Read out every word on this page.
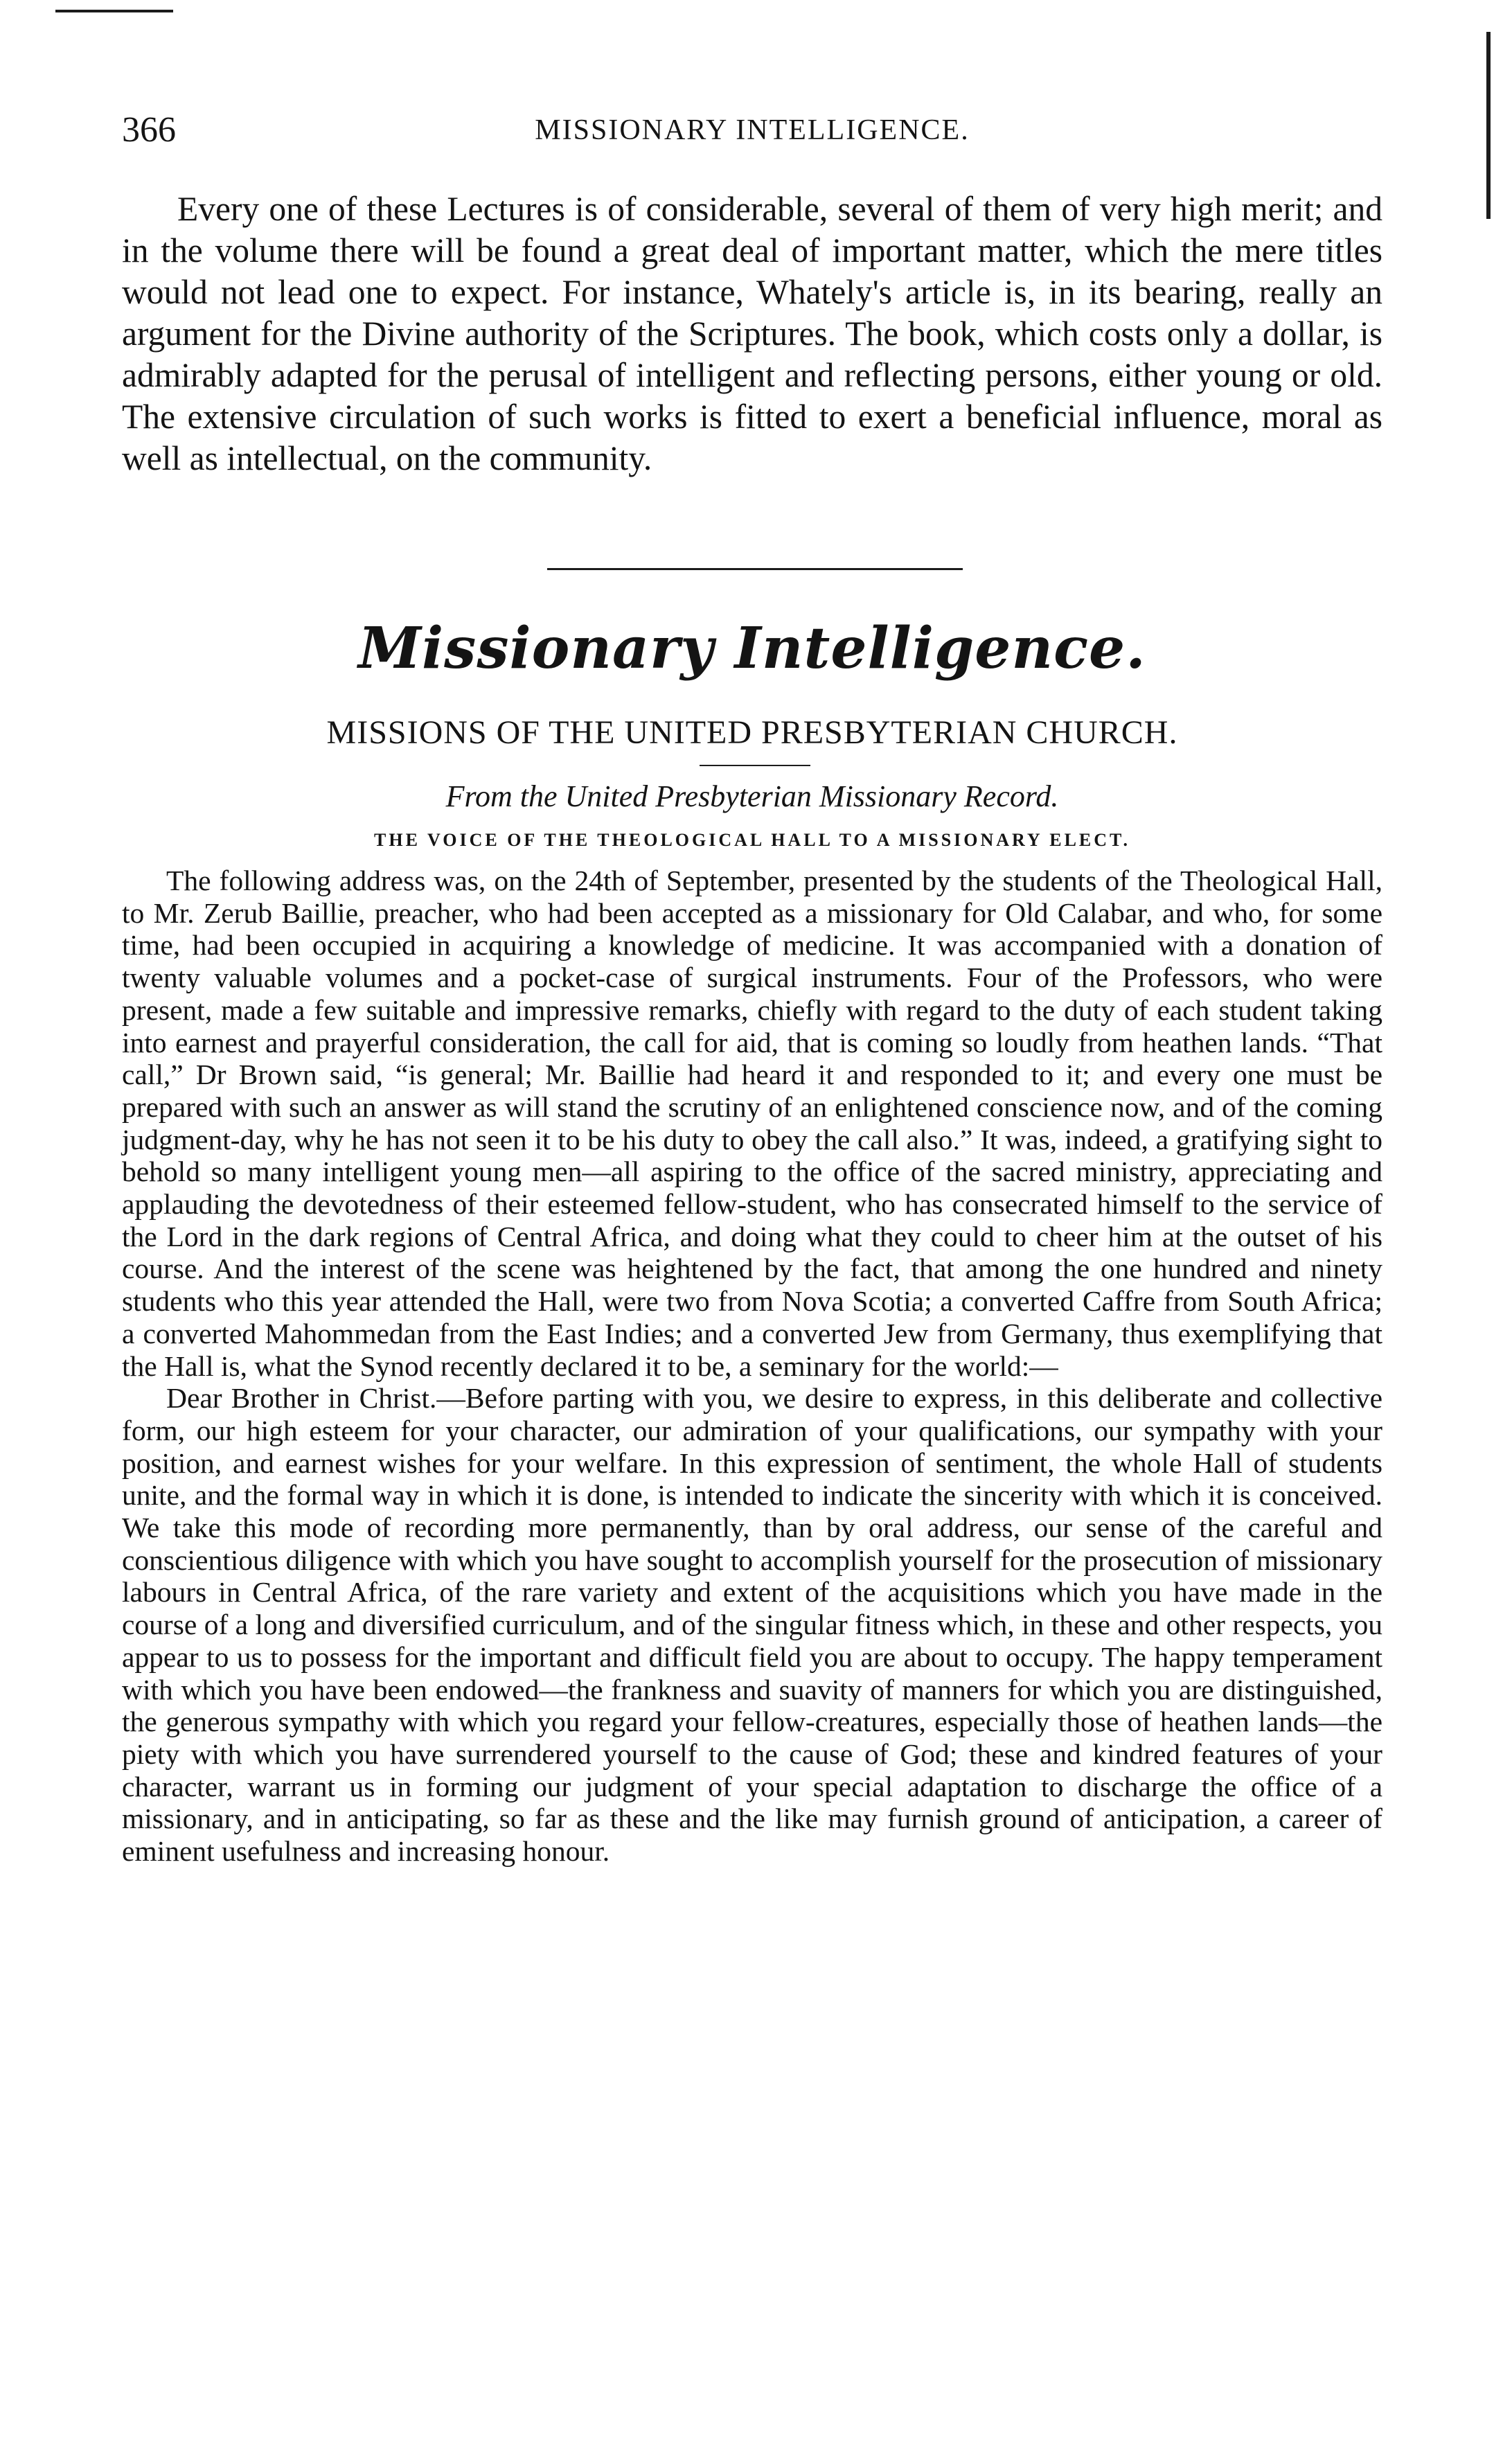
366	MISSIONARY INTELLIGENCE.

Every one of these Lectures is of considerable, several of them of very high merit; and in the volume there will be found a great deal of important matter, which the mere titles would not lead one to expect. For instance, Whately's article is, in its bearing, really an argument for the Divine authority of the Scriptures. The book, which costs only a dollar, is admirably adapted for the perusal of intelligent and reflecting persons, either young or old. The extensive circulation of such works is fitted to exert a beneficial influence, moral as well as intellectual, on the community.

Missionary Intelligence.
MISSIONS OF THE UNITED PRESBYTERIAN CHURCH.
From the United Presbyterian Missionary Record.
THE VOICE OF THE THEOLOGICAL HALL TO A MISSIONARY ELECT.

The following address was, on the 24th of September, presented by the students of the Theological Hall, to Mr. Zerub Baillie, preacher, who had been accepted as a missionary for Old Calabar, and who, for some time, had been occupied in acquiring a knowledge of medicine. It was accompanied with a donation of twenty valuable volumes and a pocket-case of surgical instruments. Four of the Professors, who were present, made a few suitable and impressive remarks, chiefly with regard to the duty of each student taking into earnest and prayerful consideration, the call for aid, that is coming so loudly from heathen lands. “That call,” Dr Brown said, “is general; Mr. Baillie had heard it and responded to it; and every one must be prepared with such an answer as will stand the scrutiny of an enlightened conscience now, and of the coming judgment-day, why he has not seen it to be his duty to obey the call also.” It was, indeed, a gratifying sight to behold so many intelligent young men—all aspiring to the office of the sacred ministry, appreciating and applauding the devotedness of their esteemed fellow-student, who has consecrated himself to the service of the Lord in the dark regions of Central Africa, and doing what they could to cheer him at the outset of his course. And the interest of the scene was heightened by the fact, that among the one hundred and ninety students who this year attended the Hall, were two from Nova Scotia; a converted Caffre from South Africa; a converted Mahommedan from the East Indies; and a converted Jew from Germany, thus exemplifying that the Hall is, what the Synod recently declared it to be, a seminary for the world:—

Dear Brother in Christ.—Before parting with you, we desire to express, in this deliberate and collective form, our high esteem for your character, our admiration of your qualifications, our sympathy with your position, and earnest wishes for your welfare. In this expression of sentiment, the whole Hall of students unite, and the formal way in which it is done, is intended to indicate the sincerity with which it is conceived. We take this mode of recording more permanently, than by oral address, our sense of the careful and conscientious diligence with which you have sought to accomplish yourself for the prosecution of missionary labours in Central Africa, of the rare variety and extent of the acquisitions which you have made in the course of a long and diversified curriculum, and of the singular fitness which, in these and other respects, you appear to us to possess for the important and difficult field you are about to occupy. The happy temperament with which you have been endowed—the frankness and suavity of manners for which you are distinguished, the generous sympathy with which you regard your fellow-creatures, especially those of heathen lands—the piety with which you have surrendered yourself to the cause of God; these and kindred features of your character, warrant us in forming our judgment of your special adaptation to discharge the office of a missionary, and in anticipating, so far as these and the like may furnish ground of anticipation, a career of eminent usefulness and increasing honour.
